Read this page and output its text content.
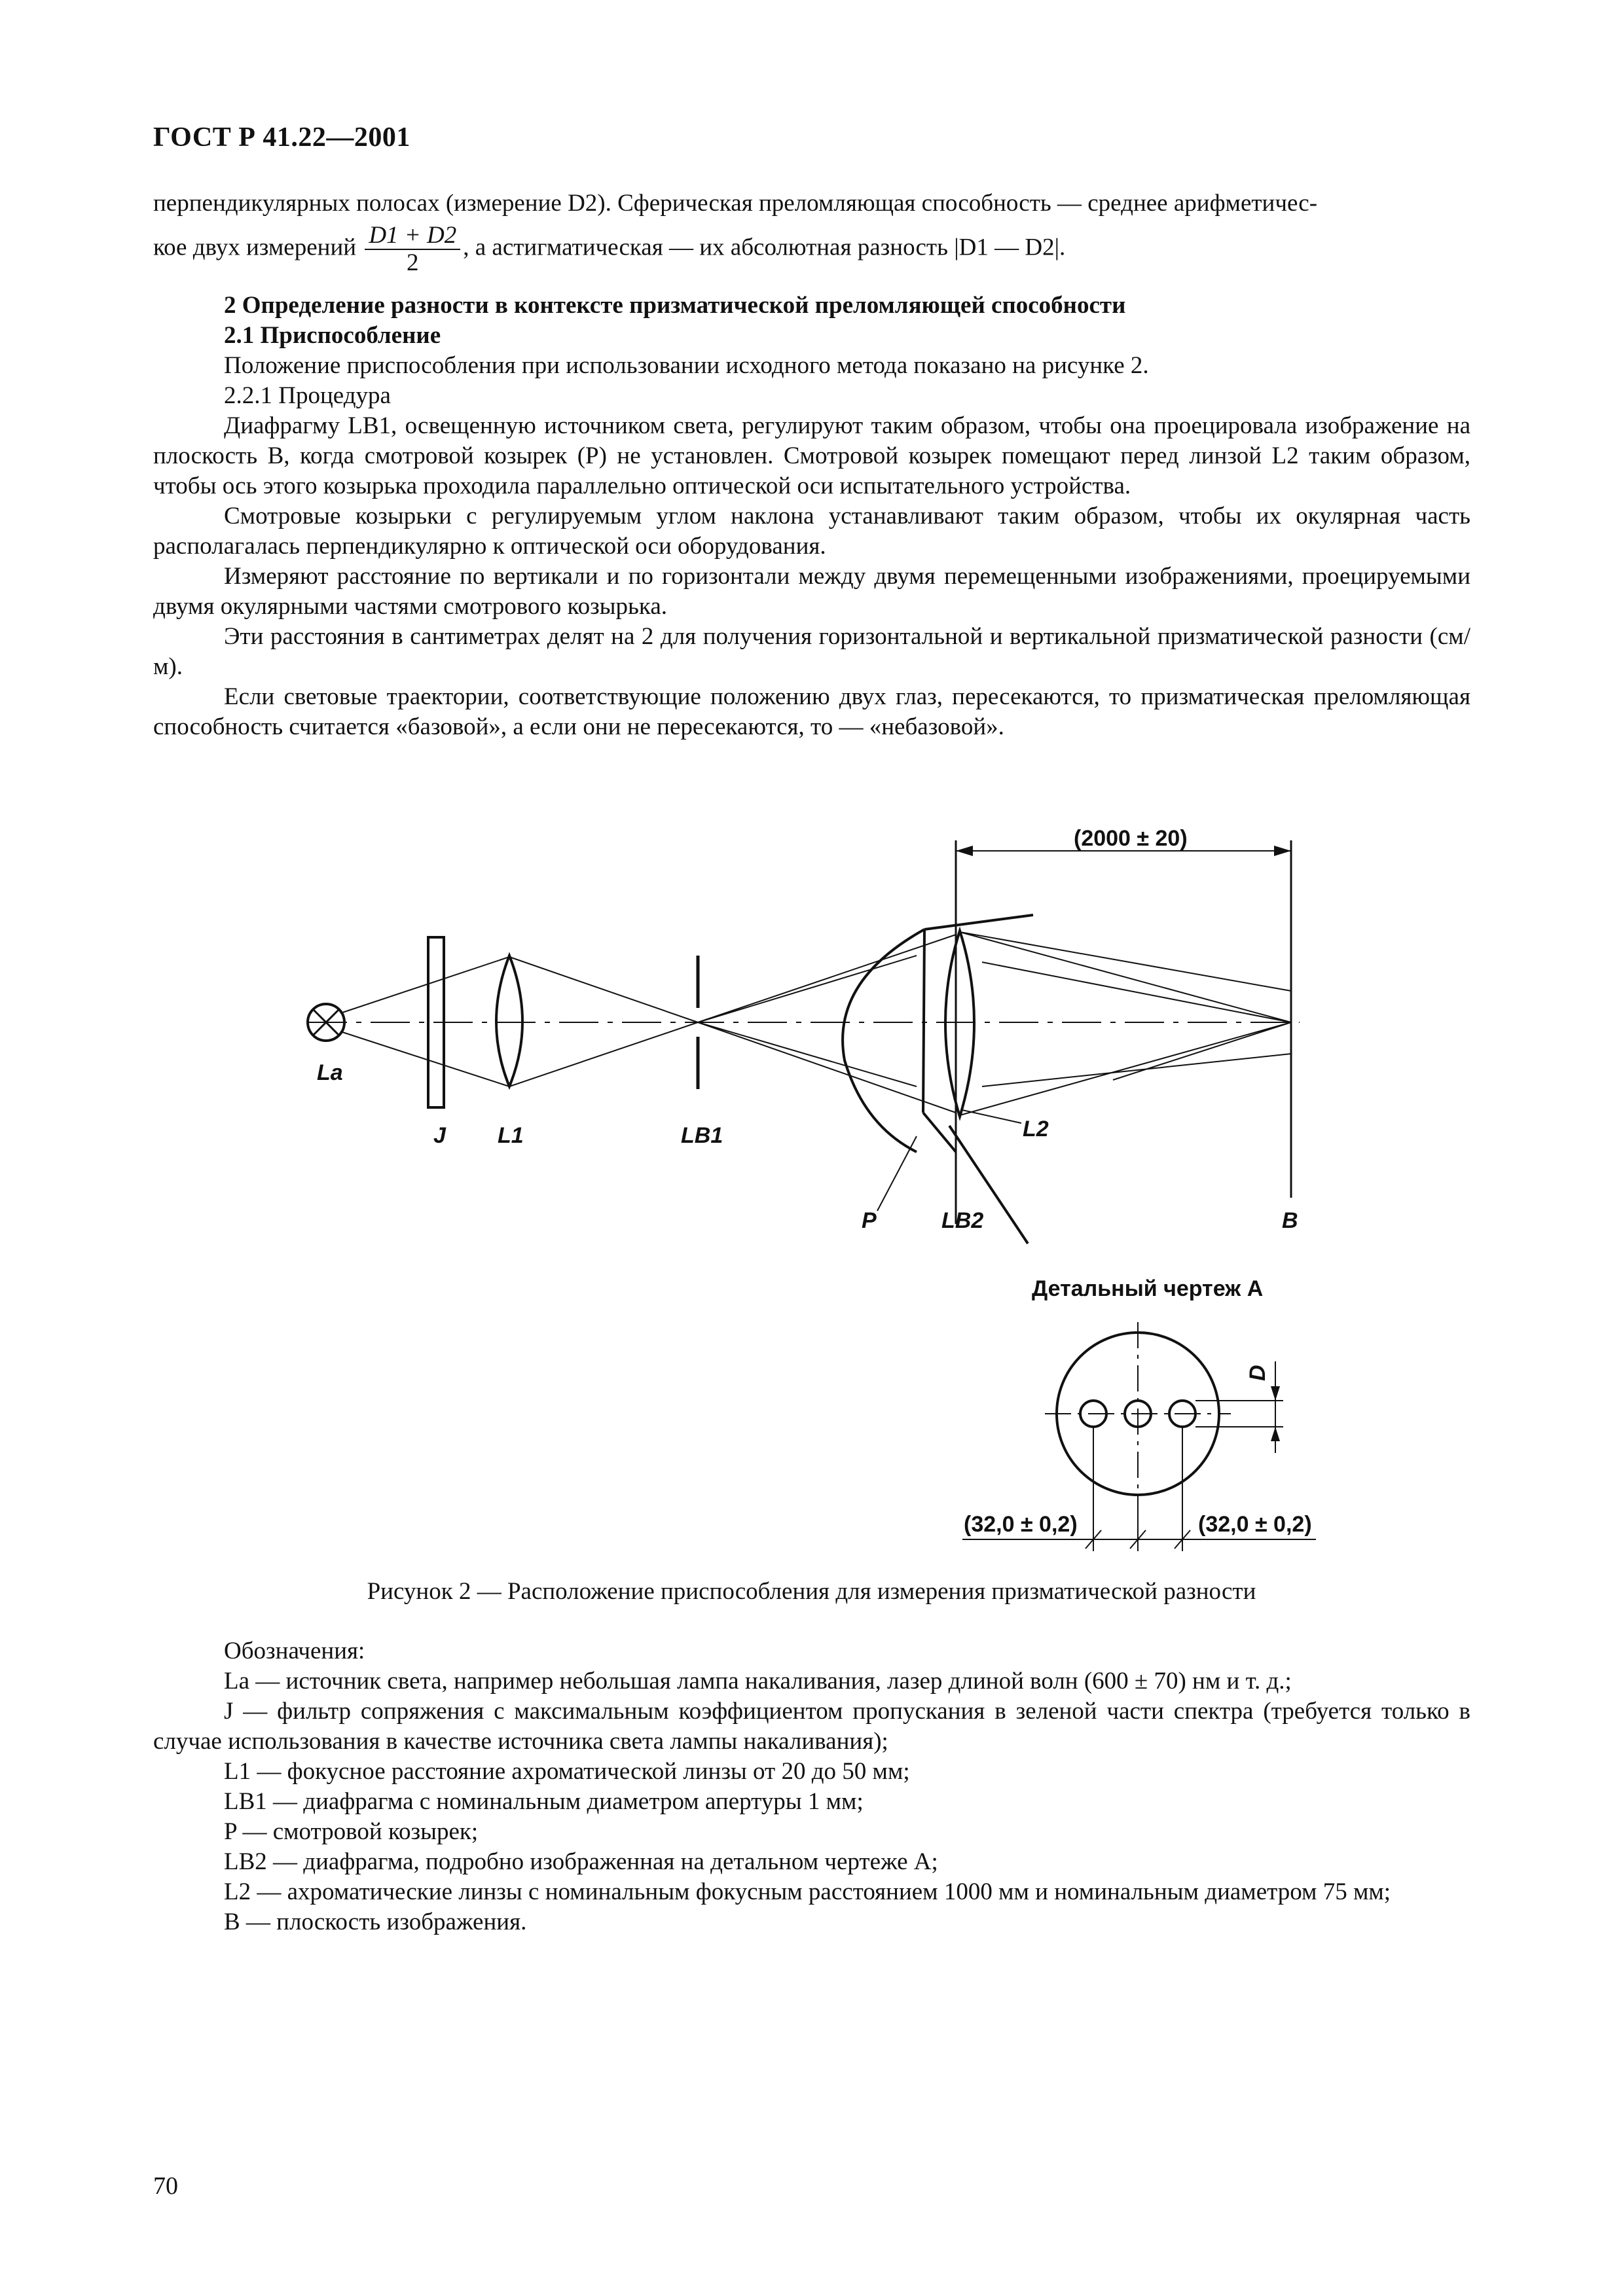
ГОСТ Р 41.22—2001

перпендикулярных полосах (измерение D2). Сферическая преломляющая способность — среднее арифметичес-

кое двух измерений $\frac{D1 + D2}{2}$ , а астигматическая — их абсолютная разность |D1 — D2|.

2 Определение разности в контексте призматической преломляющей способности

2.1 Приспособление

Положение приспособления при использовании исходного метода показано на рисунке 2.

2.2.1 Процедура

Диафрагму LB1, освещенную источником света, регулируют таким образом, чтобы она проецировала изображение на плоскость B, когда смотровой козырек (P) не установлен. Смотровой козырек помещают перед линзой L2 таким образом, чтобы ось этого козырька проходила параллельно оптической оси испытательного устройства.

Смотровые козырьки с регулируемым углом наклона устанавливают таким образом, чтобы их окулярная часть располагалась перпендикулярно к оптической оси оборудования.

Измеряют расстояние по вертикали и по горизонтали между двумя перемещенными изображениями, проецируемыми двумя окулярными частями смотрового козырька.

Эти расстояния в сантиметрах делят на 2 для получения горизонтальной и вертикальной призматической разности (см/м).

Если световые траектории, соответствующие положению двух глаз, пересекаются, то призматическая преломляющая способность считается «базовой», а если они не пересекаются, то — «небазовой».

(2000 ± 20)
La
J L1	LB1
P	LB2
L2
B
Детальный чертеж А
D
(32,0 ± 0,2)	(32,0 ± 0,2)
Рисунок 2 — Расположение приспособления для измерения призматической разности

Обозначения:

La — источник света, например небольшая лампа накаливания, лазер длиной волн (600 ± 70) нм и т. д.;

J — фильтр сопряжения с максимальным коэффициентом пропускания в зеленой части спектра (требуется только в случае использования в качестве источника света лампы накаливания);

L1 — фокусное расстояние ахроматической линзы от 20 до 50 мм;

LB1 — диафрагма с номинальным диаметром апертуры 1 мм;

P — смотровой козырек;

LB2 — диафрагма, подробно изображенная на детальном чертеже А;

L2 — ахроматические линзы с номинальным фокусным расстоянием 1000 мм и номинальным диаметром 75 мм;

B — плоскость изображения.

70
